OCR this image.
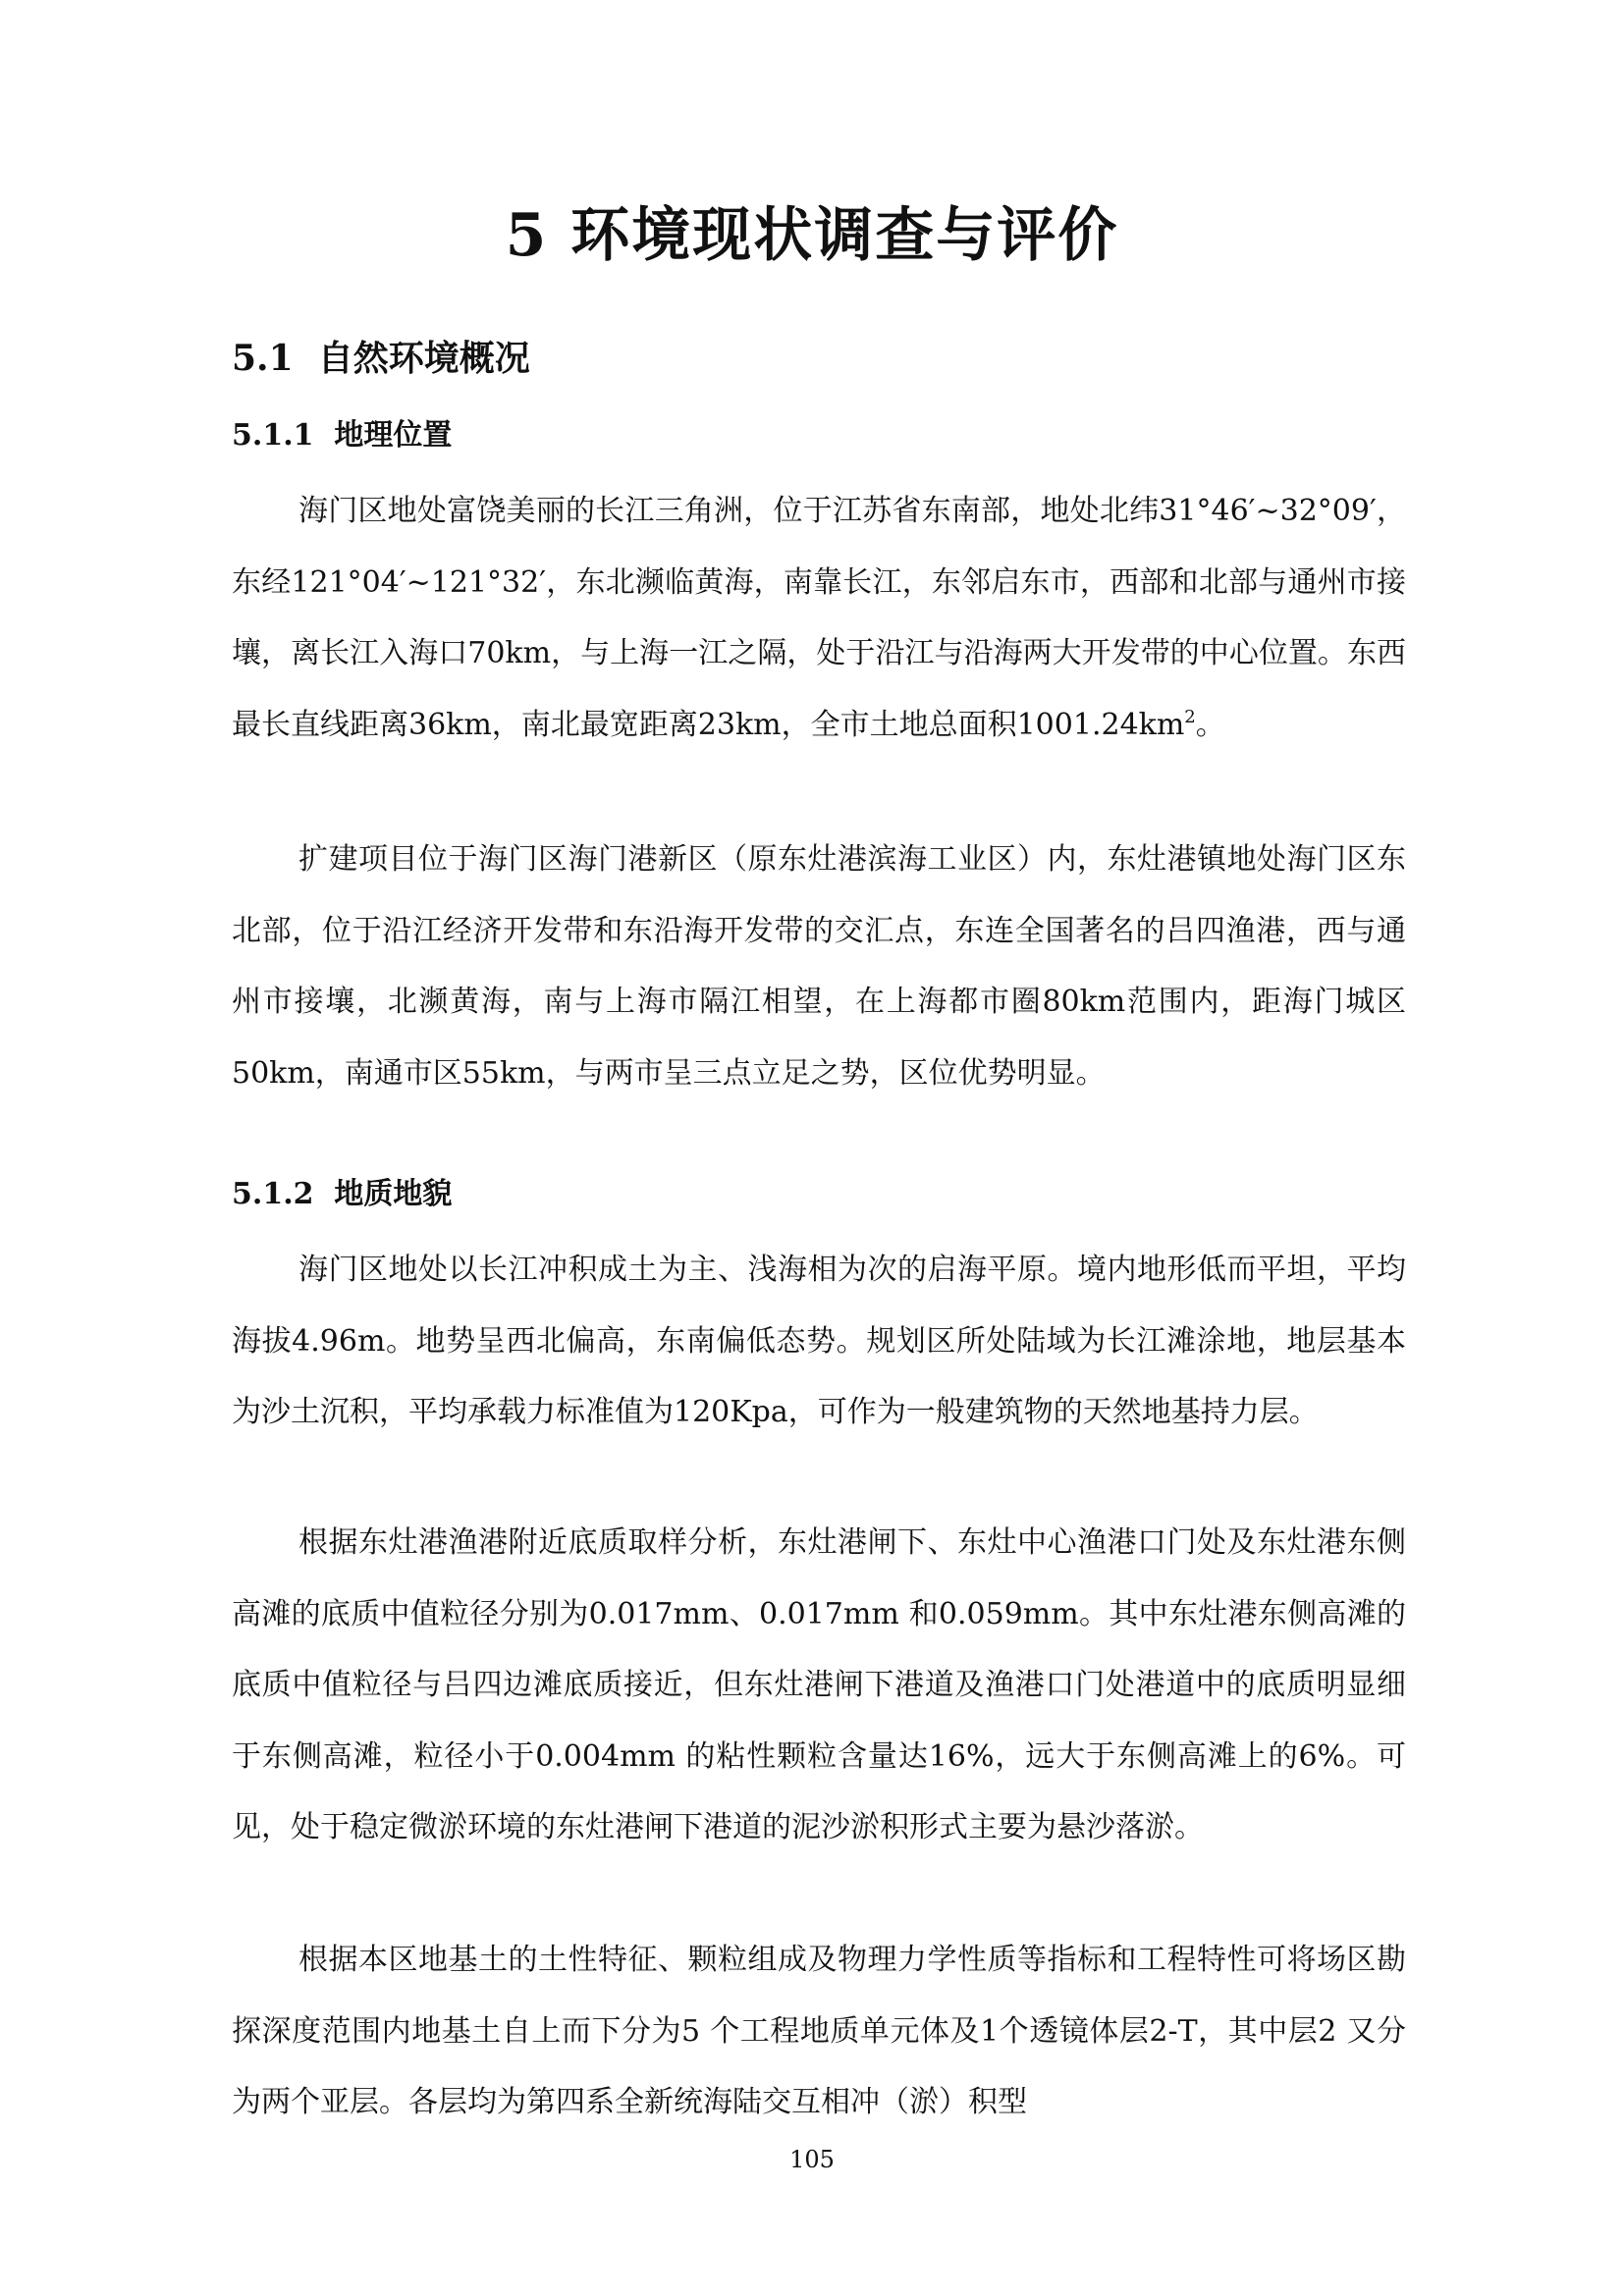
5 环境现状调查与评价
5.1 自然环境概况
5.1.1 地理位置

海门区地处富饶美丽的长江三角洲，位于江苏省东南部，地处北纬31°46′~32°09′，东经121°04′~121°32′，东北濒临黄海，南靠长江，东邻启东市，西部和北部与通州市接壤，离长江入海口70km，与上海一江之隔，处于沿江与沿海两大开发带的中心位置。东西最长直线距离36km，南北最宽距离23km，全市土地总面积$1001.24km^2$。

扩建项目位于海门区海门港新区（原东灶港滨海工业区）内，东灶港镇地处海门区东北部，位于沿江经济开发带和东沿海开发带的交汇点，东连全国著名的吕四渔港，西与通州市接壤，北濒黄海，南与上海市隔江相望，在上海都市圈80km范围内，距海门城区50km，南通市区55km，与两市呈三点立足之势，区位优势明显。

5.1.2 地质地貌

海门区地处以长江冲积成土为主、浅海相为次的启海平原。境内地形低而平坦，平均海拔4.96m。地势呈西北偏高，东南偏低态势。规划区所处陆域为长江滩涂地，地层基本为沙土沉积，平均承载力标准值为120Kpa，可作为一般建筑物的天然地基持力层。

根据东灶港渔港附近底质取样分析，东灶港闸下、东灶中心渔港口门处及东灶港东侧高滩的底质中值粒径分别为0.017mm、0.017mm 和0.059mm。其中东灶港东侧高滩的底质中值粒径与吕四边滩底质接近，但东灶港闸下港道及渔港口门处港道中的底质明显细于东侧高滩，粒径小于0.004mm 的粘性颗粒含量达16%，远大于东侧高滩上的6%。可见，处于稳定微淤环境的东灶港闸下港道的泥沙淤积形式主要为悬沙落淤。

根据本区地基土的土性特征、颗粒组成及物理力学性质等指标和工程特性可将场区勘探深度范围内地基土自上而下分为5 个工程地质单元体及1个透镜体层2-T，其中层2 又分为两个亚层。各层均为第四系全新统海陆交互相冲（淤）积型

105
